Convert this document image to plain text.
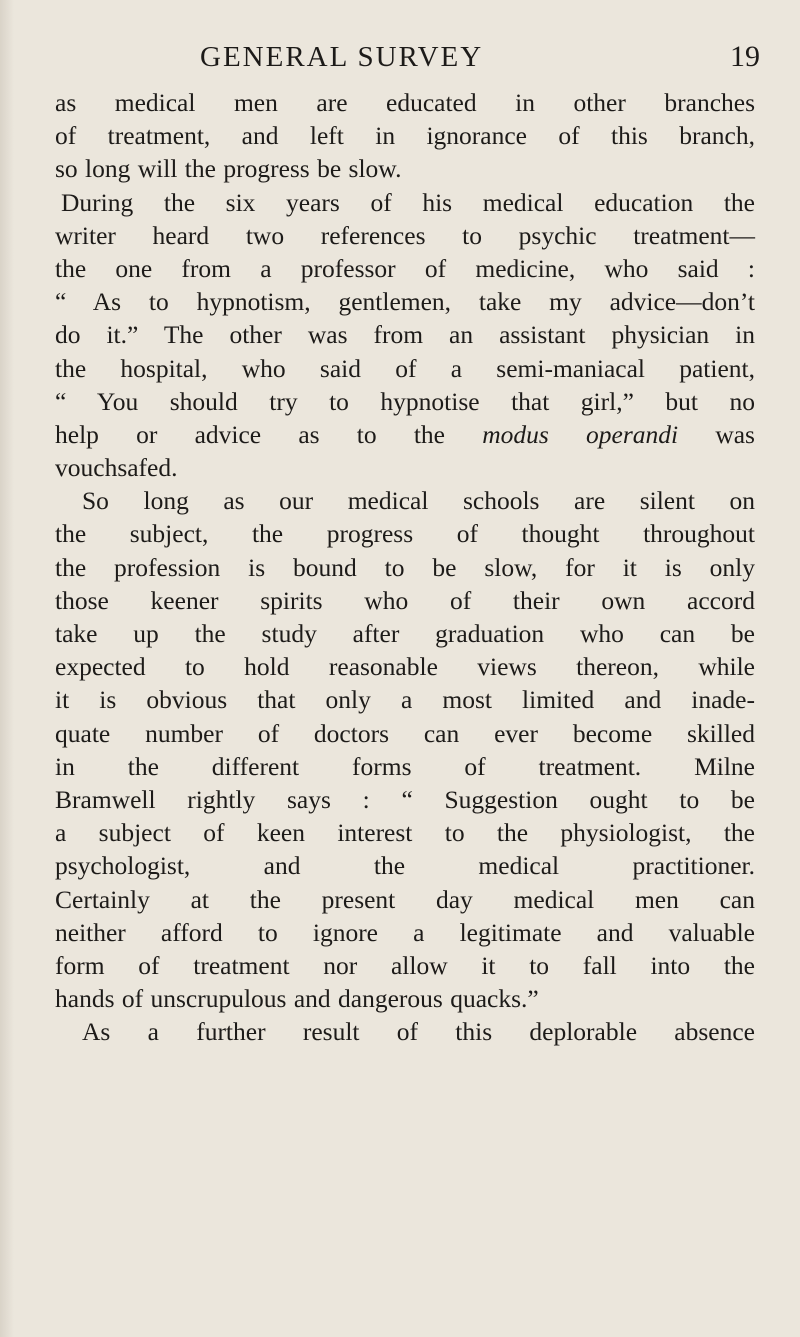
GENERAL SURVEY	19
as medical men are educated in other branches
of treatment, and left in ignorance of this branch,
so long will the progress be slow.
During the six years of his medical education the
writer heard two references to psychic treatment—
the one from a professor of medicine, who said :
“ As to hypnotism, gentlemen, take my advice—don’t
do it.” The other was from an assistant physician in
the hospital, who said of a semi-maniacal patient,
“ You should try to hypnotise that girl,” but no
help or advice as to the modus operandi was
vouchsafed.
So long as our medical schools are silent on
the subject, the progress of thought throughout
the profession is bound to be slow, for it is only
those keener spirits who of their own accord
take up the study after graduation who can be
expected to hold reasonable views thereon, while
it is obvious that only a most limited and inade-
quate number of doctors can ever become skilled
in the different forms of treatment. Milne
Bramwell rightly says : “ Suggestion ought to be
a subject of keen interest to the physiologist, the
psychologist, and the medical practitioner.
Certainly at the present day medical men can
neither afford to ignore a legitimate and valuable
form of treatment nor allow it to fall into the
hands of unscrupulous and dangerous quacks.”
As a further result of this deplorable absence
